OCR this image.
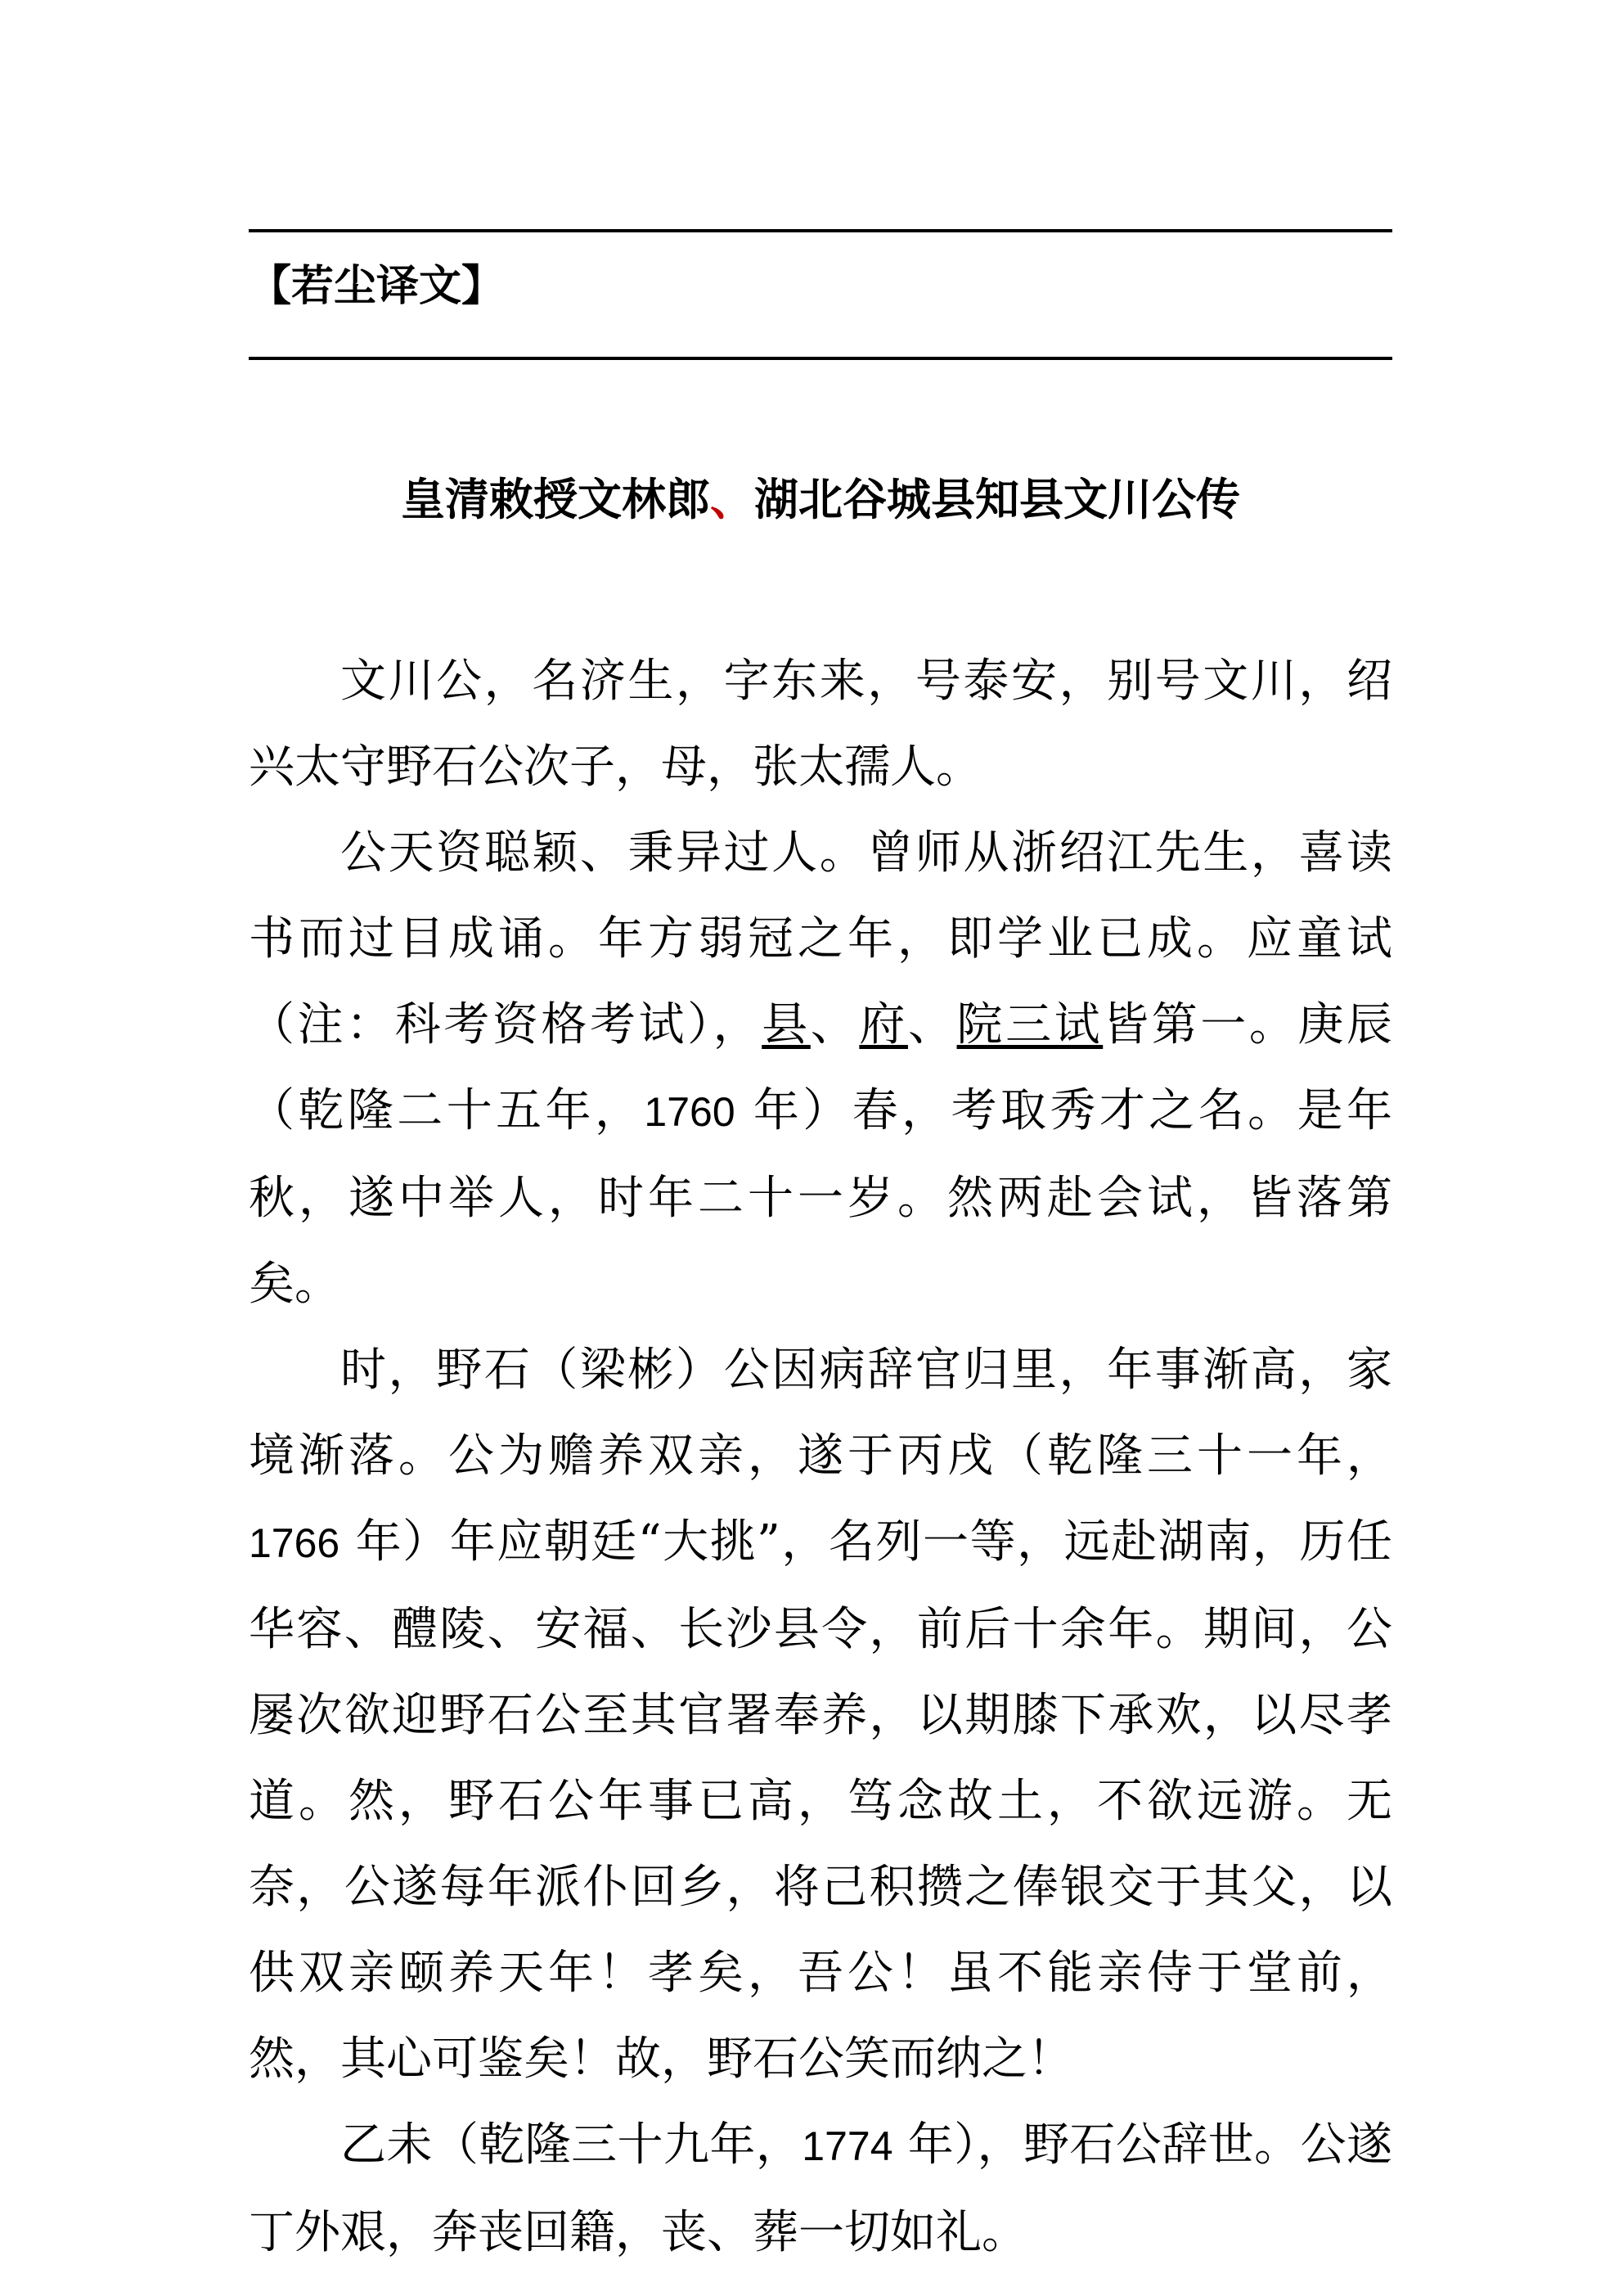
【若尘译文】
皇清敕授文林郎、湖北谷城县知县文川公传

文川公，名济生，字东来，号泰安，别号文川，绍兴太守野石公次子，母，张太孺人。

公天资聪颖、秉异过人。曾师从浙绍江先生，喜读书而过目成诵。年方弱冠之年，即学业已成。应童试（注：科考资格考试），县、府、院三试皆第一。庚辰（乾隆二十五年，1760 年）春，考取秀才之名。是年秋，遂中举人，时年二十一岁。然两赴会试，皆落第矣。

时，野石（梁彬）公因病辞官归里，年事渐高，家境渐落。公为赡养双亲，遂于丙戌（乾隆三十一年，1766 年）年应朝廷“大挑”，名列一等，远赴湖南，历任华容、醴陵、安福、长沙县令，前后十余年。期间，公屡次欲迎野石公至其官署奉养，以期膝下承欢，以尽孝道。然，野石公年事已高，笃念故土，不欲远游。无奈，公遂每年派仆回乡，将己积攒之俸银交于其父，以供双亲颐养天年！孝矣，吾公！虽不能亲侍于堂前，然，其心可鉴矣！故，野石公笑而纳之！

乙未（乾隆三十九年，1774 年），野石公辞世。公遂丁外艰，奔丧回籍，丧、葬一切如礼。
